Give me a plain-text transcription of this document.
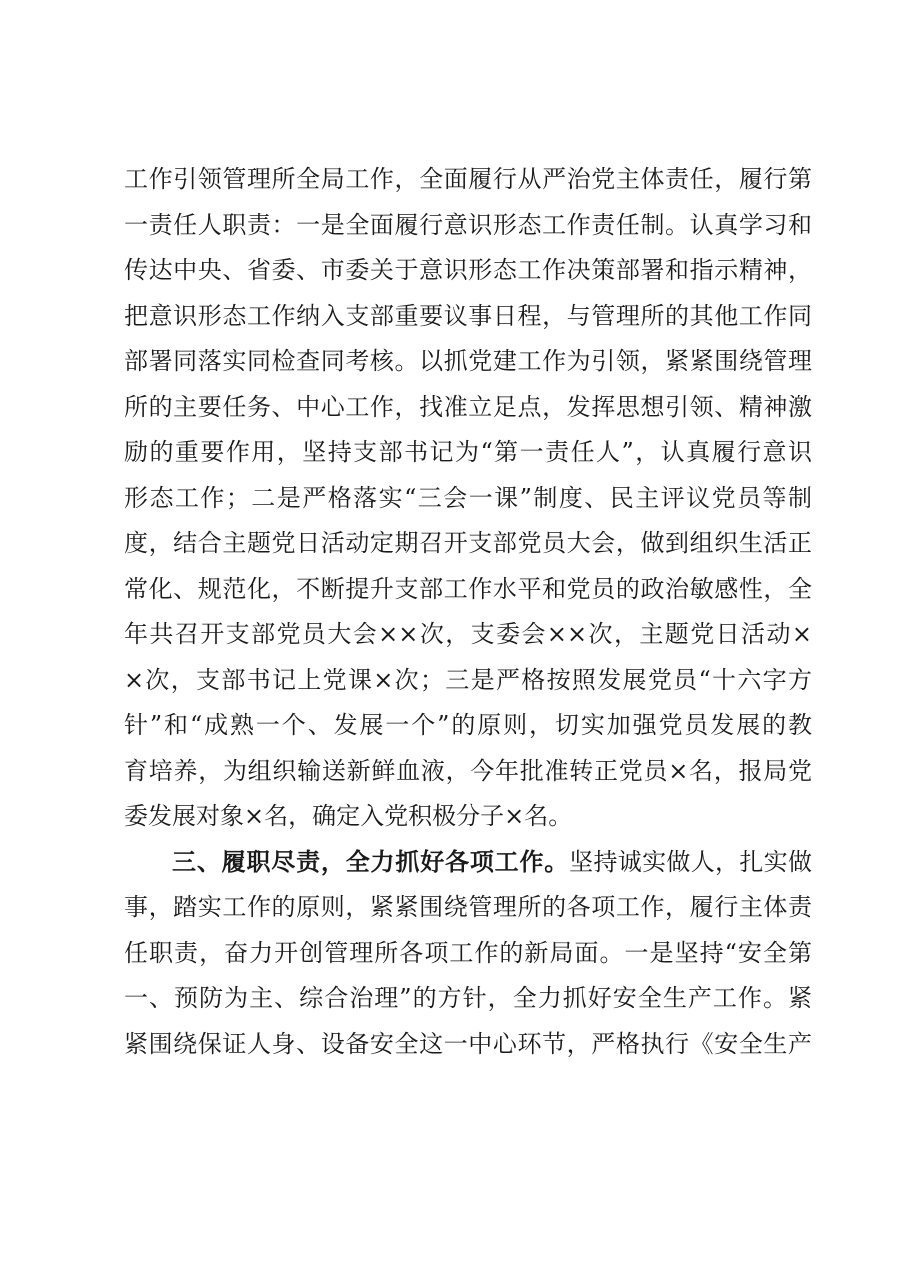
工作引领管理所全局工作，全面履行从严治党主体责任，履行第
一责任人职责：一是全面履行意识形态工作责任制。认真学习和
传达中央、省委、市委关于意识形态工作决策部署和指示精神，
把意识形态工作纳入支部重要议事日程，与管理所的其他工作同
部署同落实同检查同考核。以抓党建工作为引领，紧紧围绕管理
所的主要任务、中心工作，找准立足点，发挥思想引领、精神激
励的重要作用，坚持支部书记为“第一责任人”，认真履行意识
形态工作；二是严格落实“三会一课”制度、民主评议党员等制
度，结合主题党日活动定期召开支部党员大会，做到组织生活正
常化、规范化，不断提升支部工作水平和党员的政治敏感性，全
年共召开支部党员大会××次，支委会××次，主题党日活动×
×次，支部书记上党课×次；三是严格按照发展党员“十六字方
针”和“成熟一个、发展一个”的原则，切实加强党员发展的教
育培养，为组织输送新鲜血液，今年批准转正党员×名，报局党
委发展对象×名，确定入党积极分子×名。
三、履职尽责，全力抓好各项工作。坚持诚实做人，扎实做
事，踏实工作的原则，紧紧围绕管理所的各项工作，履行主体责
任职责，奋力开创管理所各项工作的新局面。一是坚持“安全第
一、预防为主、综合治理”的方针，全力抓好安全生产工作。紧
紧围绕保证人身、设备安全这一中心环节，严格执行《安全生产
